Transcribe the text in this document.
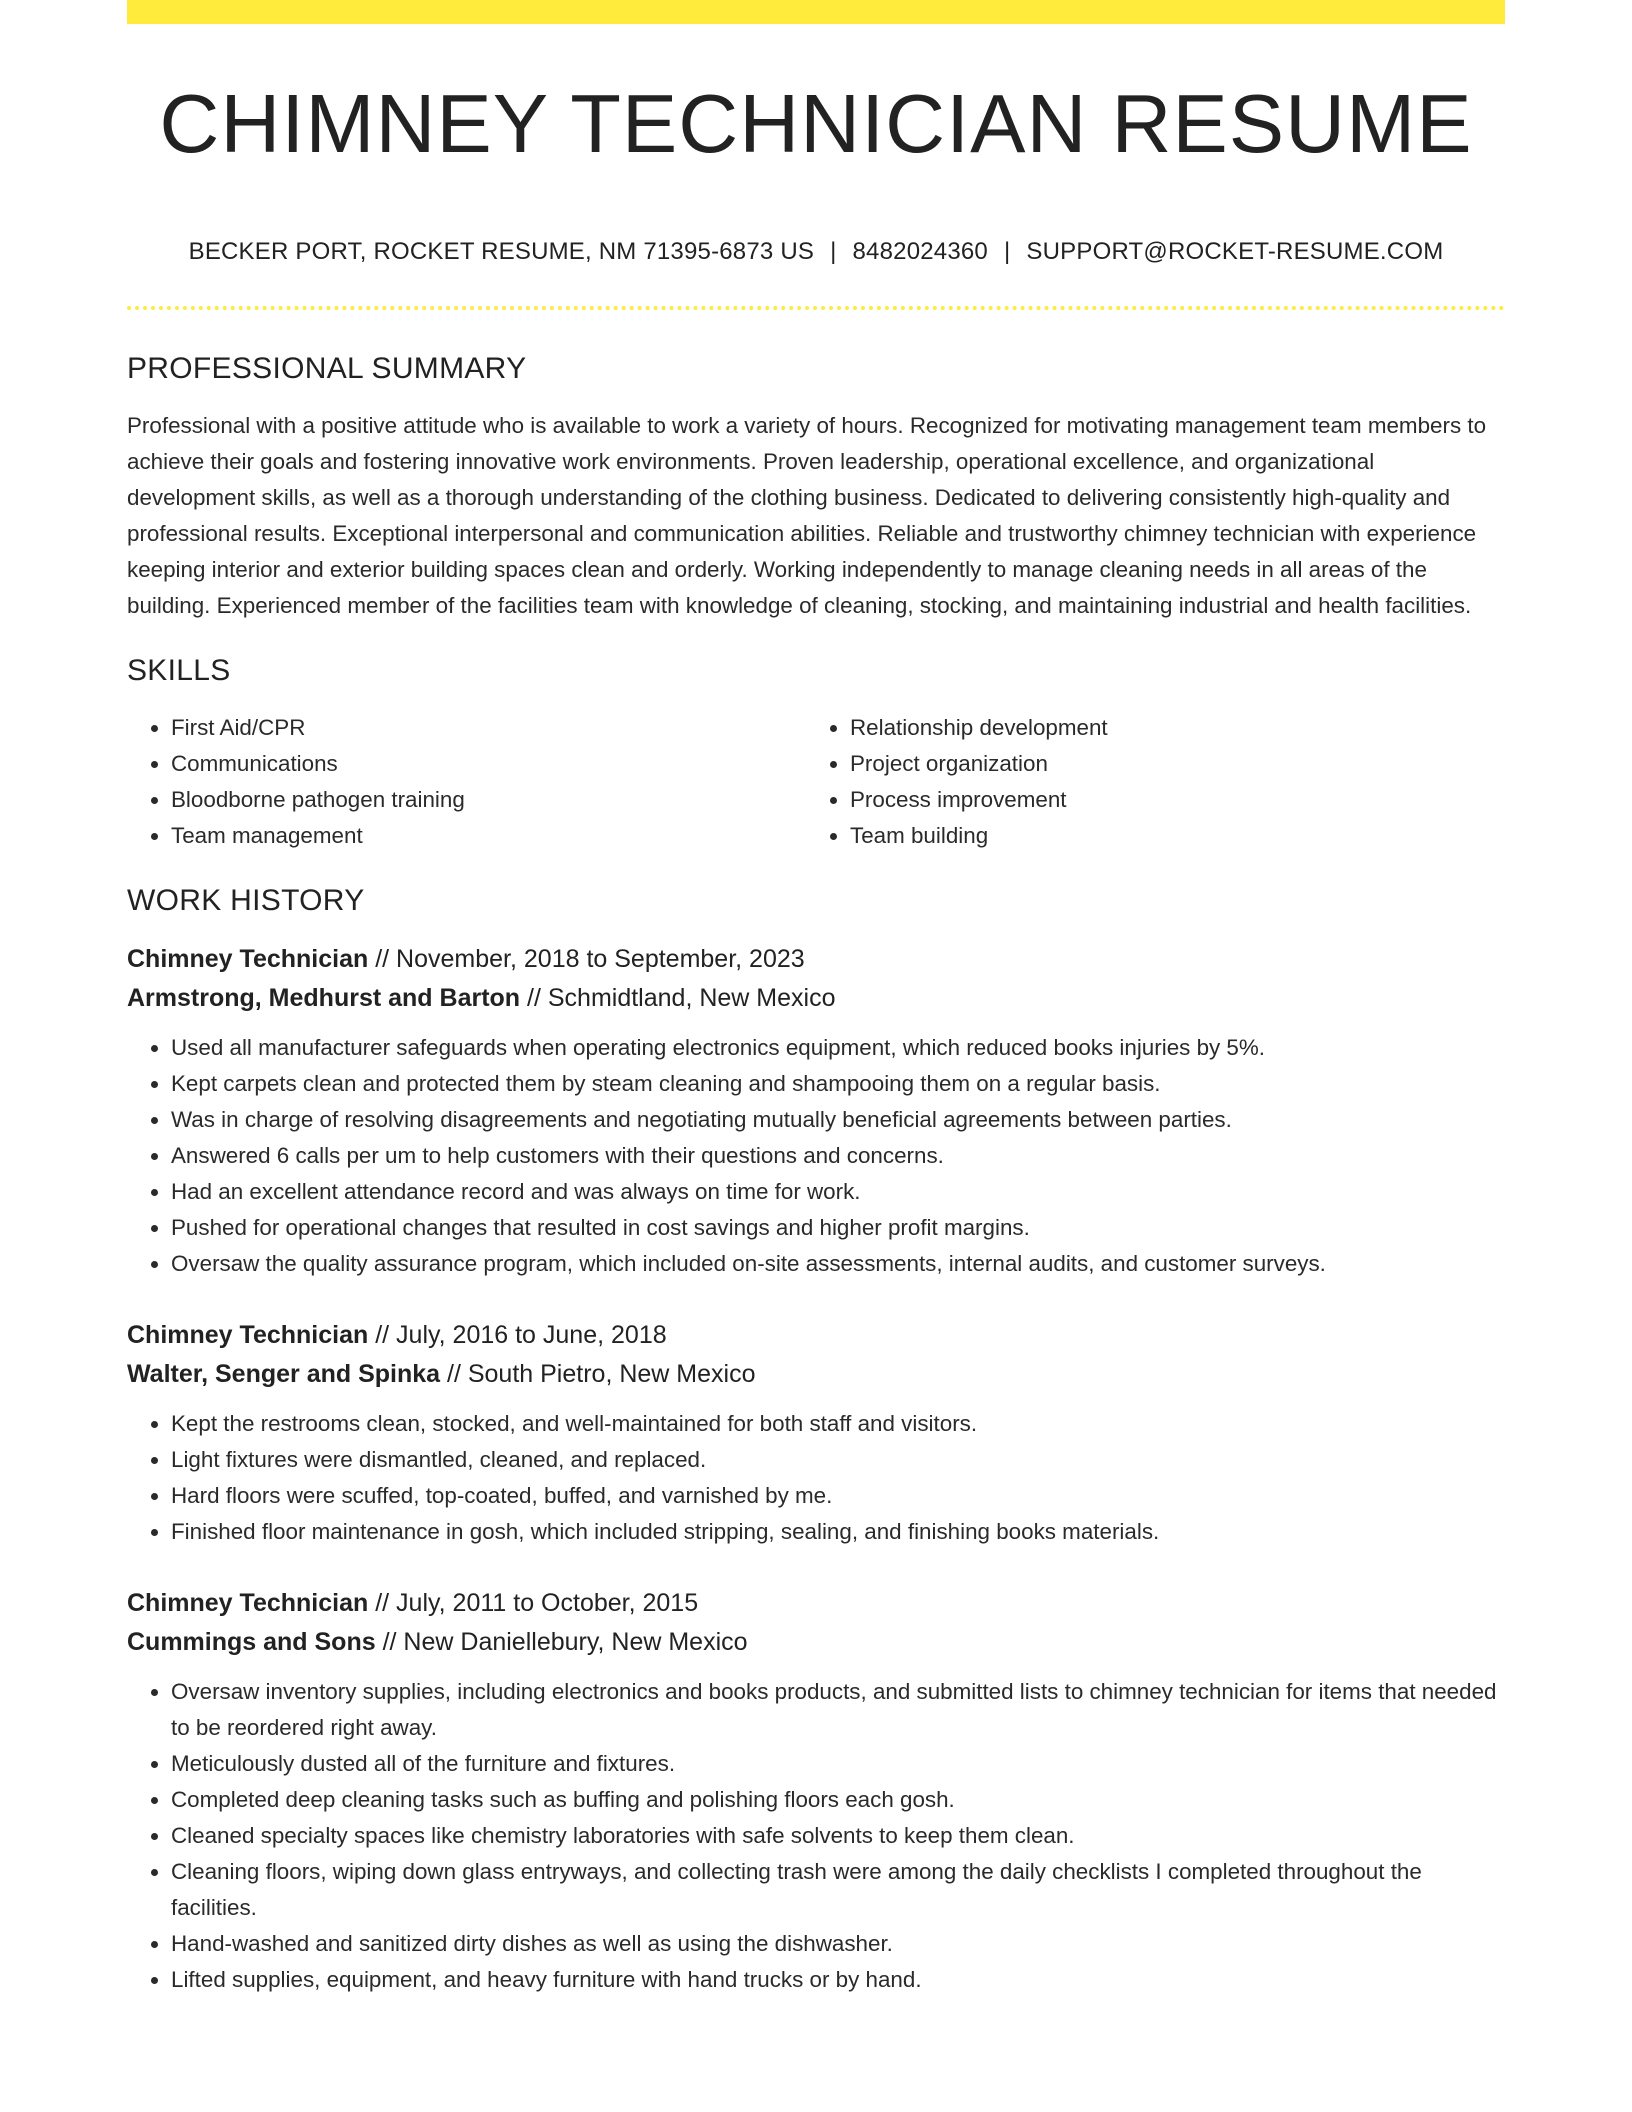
CHIMNEY TECHNICIAN RESUME
BECKER PORT, ROCKET RESUME, NM 71395-6873 US | 8482024360 | SUPPORT@ROCKET-RESUME.COM
PROFESSIONAL SUMMARY

Professional with a positive attitude who is available to work a variety of hours. Recognized for motivating management team members to achieve their goals and fostering innovative work environments. Proven leadership, operational excellence, and organizational development skills, as well as a thorough understanding of the clothing business. Dedicated to delivering consistently high-quality and professional results. Exceptional interpersonal and communication abilities. Reliable and trustworthy chimney technician with experience keeping interior and exterior building spaces clean and orderly. Working independently to manage cleaning needs in all areas of the building. Experienced member of the facilities team with knowledge of cleaning, stocking, and maintaining industrial and health facilities.

SKILLS
• First Aid/CPR
• Communications
• Bloodborne pathogen training
• Team management
• Relationship development
• Project organization
• Process improvement
• Team building
WORK HISTORY
Chimney Technician // November, 2018 to September, 2023
Armstrong, Medhurst and Barton // Schmidtland, New Mexico
• Used all manufacturer safeguards when operating electronics equipment, which reduced books injuries by 5%.
• Kept carpets clean and protected them by steam cleaning and shampooing them on a regular basis.
• Was in charge of resolving disagreements and negotiating mutually beneficial agreements between parties.
• Answered 6 calls per um to help customers with their questions and concerns.
• Had an excellent attendance record and was always on time for work.
• Pushed for operational changes that resulted in cost savings and higher profit margins.
• Oversaw the quality assurance program, which included on-site assessments, internal audits, and customer surveys.
Chimney Technician // July, 2016 to June, 2018
Walter, Senger and Spinka // South Pietro, New Mexico
• Kept the restrooms clean, stocked, and well-maintained for both staff and visitors.
• Light fixtures were dismantled, cleaned, and replaced.
• Hard floors were scuffed, top-coated, buffed, and varnished by me.
• Finished floor maintenance in gosh, which included stripping, sealing, and finishing books materials.
Chimney Technician // July, 2011 to October, 2015
Cummings and Sons // New Daniellebury, New Mexico
• Oversaw inventory supplies, including electronics and books products, and submitted lists to chimney technician for items that needed to be reordered right away.
• Meticulously dusted all of the furniture and fixtures.
• Completed deep cleaning tasks such as buffing and polishing floors each gosh.
• Cleaned specialty spaces like chemistry laboratories with safe solvents to keep them clean.
• Cleaning floors, wiping down glass entryways, and collecting trash were among the daily checklists I completed throughout the facilities.
• Hand-washed and sanitized dirty dishes as well as using the dishwasher.
• Lifted supplies, equipment, and heavy furniture with hand trucks or by hand.
